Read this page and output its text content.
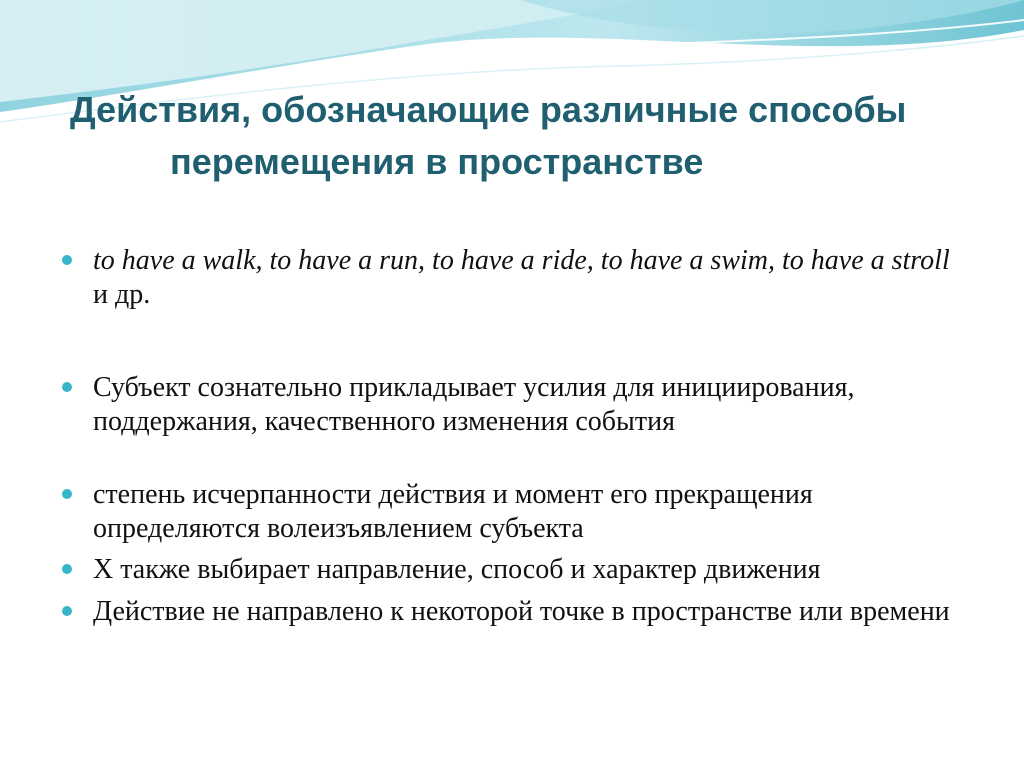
Действия, обозначающие различные способы
перемещения в пространстве
to have a walk, to have a run, to have a ride, to have a swim, to have a stroll и др.
Субъект сознательно прикладывает усилия для инициирования, поддержания, качественного изменения события
степень исчерпанности действия и момент его прекращения определяются волеизъявлением субъекта
Х также выбирает направление, способ и характер движения
Действие не направлено к некоторой точке в пространстве или времени
